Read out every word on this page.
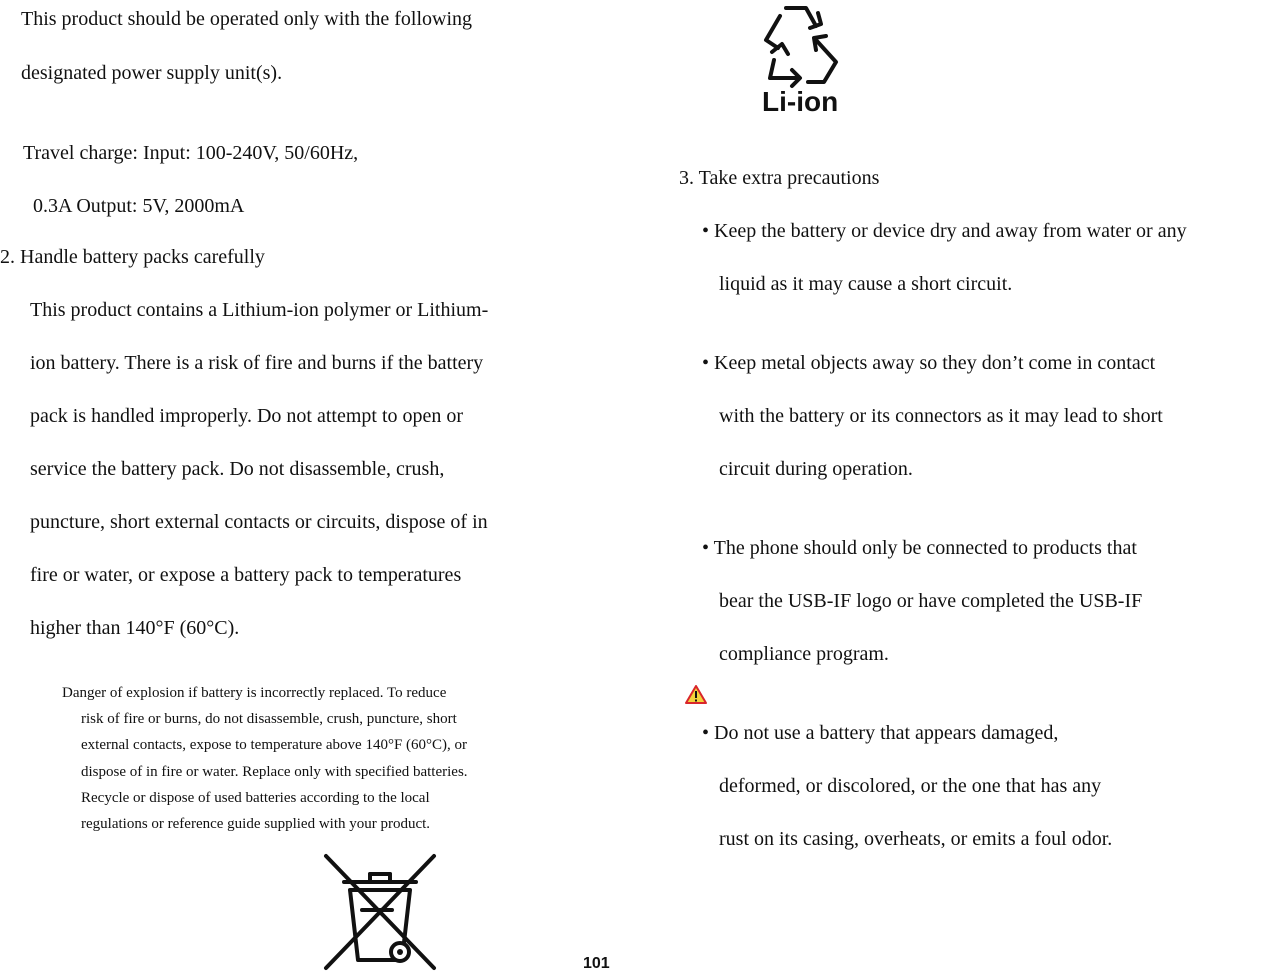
This product should be operated only with the following
designated power supply unit(s).
Travel charge: Input: 100-240V, 50/60Hz,
0.3A Output: 5V, 2000mA
2. Handle battery packs carefully
This product contains a Lithium-ion polymer or Lithium-
ion battery. There is a risk of fire and burns if the battery
pack is handled improperly. Do not attempt to open or
service the battery pack. Do not disassemble, crush,
puncture, short external contacts or circuits, dispose of in
fire or water, or expose a battery pack to temperatures
higher than 140°F (60°C).
Danger of explosion if battery is incorrectly replaced. To reduce
risk of fire or burns, do not disassemble, crush, puncture, short
external contacts, expose to temperature above 140°F (60°C), or
dispose of in fire or water. Replace only with specified batteries.
Recycle or dispose of used batteries according to the local
regulations or reference guide supplied with your product.
Li-ion
3. Take extra precautions
• Keep the battery or device dry and away from water or any
liquid as it may cause a short circuit.
• Keep metal objects away so they don’t come in contact
with the battery or its connectors as it may lead to short
circuit during operation.
• The phone should only be connected to products that
bear the USB-IF logo or have completed the USB-IF
compliance program.
• Do not use a battery that appears damaged,
deformed, or discolored, or the one that has any
rust on its casing, overheats, or emits a foul odor.
101
